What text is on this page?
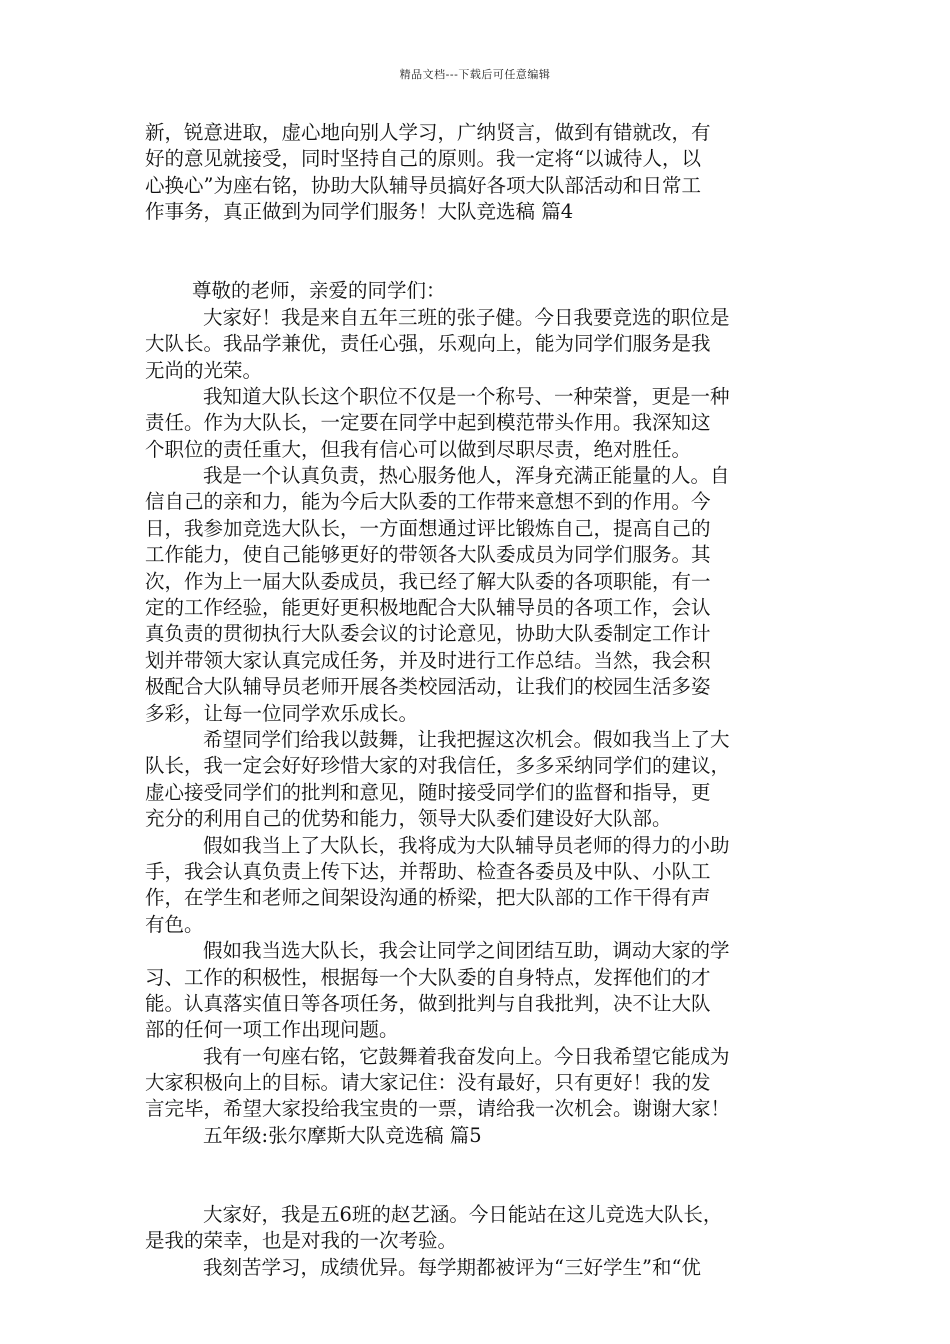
精品文档---下载后可任意编辑
新，锐意进取，虚心地向别人学习，广纳贤言，做到有错就改，有
好的意见就接受，同时坚持自己的原则。我一定将“以诚待人，以
心换心”为座右铭，协助大队辅导员搞好各项大队部活动和日常工
作事务，真正做到为同学们服务！大队竞选稿 篇4
尊敬的老师，亲爱的同学们：
大家好！我是来自五年三班的张子健。今日我要竞选的职位是
大队长。我品学兼优，责任心强，乐观向上，能为同学们服务是我
无尚的光荣。
我知道大队长这个职位不仅是一个称号、一种荣誉，更是一种
责任。作为大队长，一定要在同学中起到模范带头作用。我深知这
个职位的责任重大，但我有信心可以做到尽职尽责，绝对胜任。
我是一个认真负责，热心服务他人，浑身充满正能量的人。自
信自己的亲和力，能为今后大队委的工作带来意想不到的作用。今
日，我参加竞选大队长，一方面想通过评比锻炼自己，提高自己的
工作能力，使自己能够更好的带领各大队委成员为同学们服务。其
次，作为上一届大队委成员，我已经了解大队委的各项职能，有一
定的工作经验，能更好更积极地配合大队辅导员的各项工作，会认
真负责的贯彻执行大队委会议的讨论意见，协助大队委制定工作计
划并带领大家认真完成任务，并及时进行工作总结。当然，我会积
极配合大队辅导员老师开展各类校园活动，让我们的校园生活多姿
多彩，让每一位同学欢乐成长。
希望同学们给我以鼓舞，让我把握这次机会。假如我当上了大
队长，我一定会好好珍惜大家的对我信任，多多采纳同学们的建议，
虚心接受同学们的批判和意见，随时接受同学们的监督和指导，更
充分的利用自己的优势和能力，领导大队委们建设好大队部。
假如我当上了大队长，我将成为大队辅导员老师的得力的小助
手，我会认真负责上传下达，并帮助、检查各委员及中队、小队工
作，在学生和老师之间架设沟通的桥梁，把大队部的工作干得有声
有色。
假如我当选大队长，我会让同学之间团结互助，调动大家的学
习、工作的积极性，根据每一个大队委的自身特点，发挥他们的才
能。认真落实值日等各项任务，做到批判与自我批判，决不让大队
部的任何一项工作出现问题。
我有一句座右铭，它鼓舞着我奋发向上。今日我希望它能成为
大家积极向上的目标。请大家记住：没有最好，只有更好！我的发
言完毕，希望大家投给我宝贵的一票，请给我一次机会。谢谢大家！
五年级:张尔摩斯大队竞选稿 篇5
大家好，我是五6班的赵艺涵。今日能站在这儿竞选大队长，
是我的荣幸，也是对我的一次考验。
我刻苦学习，成绩优异。每学期都被评为“三好学生”和“优
